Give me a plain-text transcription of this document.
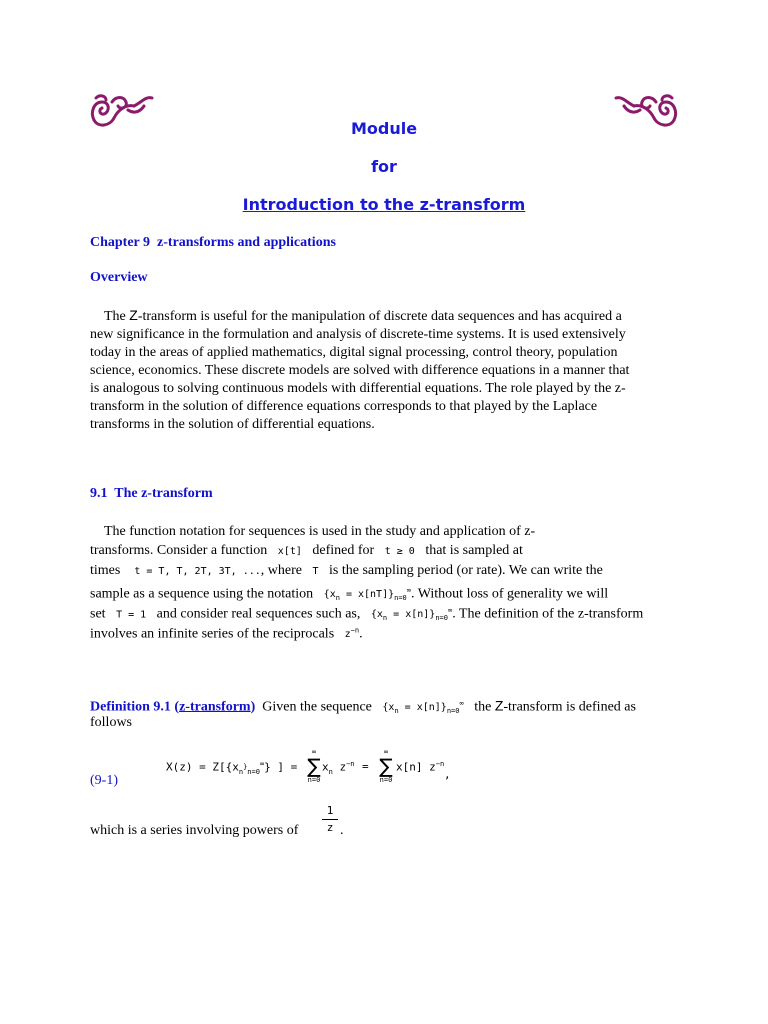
Module
for
Introduction to the z-transform
Chapter 9 z-transforms and applications
Overview
The Z-transform is useful for the manipulation of discrete data sequences and has acquired a
new significance in the formulation and analysis of discrete-time systems. It is used extensively
today in the areas of applied mathematics, digital signal processing, control theory, population
science, economics. These discrete models are solved with difference equations in a manner that
is analogous to solving continuous models with differential equations. The role played by the z-
transform in the solution of difference equations corresponds to that played by the Laplace
transforms in the solution of differential equations.
9.1 The z-transform
The function notation for sequences is used in the study and application of z-
transforms. Consider a function x[t] defined for t ≥ 0 that is sampled at
times t = T, T, 2T, 3T, ..., where T is the sampling period (or rate). We can write the
sample as a sequence using the notation $\{x_n = x[nT]\}_{n=0}^\infty$. Without loss of generality we will
set T = 1 and consider real sequences such as, $\{x_n = x[n]\}_{n=0}^\infty$. The definition of the z-transform
involves an infinite series of the reciprocals $z^{-n}$.
Definition 9.1 (z-transform) Given the sequence $\{x_n = x[n]\}_{n=0}^\infty$ the Z-transform is defined as
follows
(9-1)
$X(z) = Z[\{x_n\}_{n=0}^\infty\}$ ] =
∞
∑
n=0
$x_n$ $z^{-n}$ =
∞
∑
n=0
x[n] $z^{-n}$
,
which is a series involving powers of
1
z .
